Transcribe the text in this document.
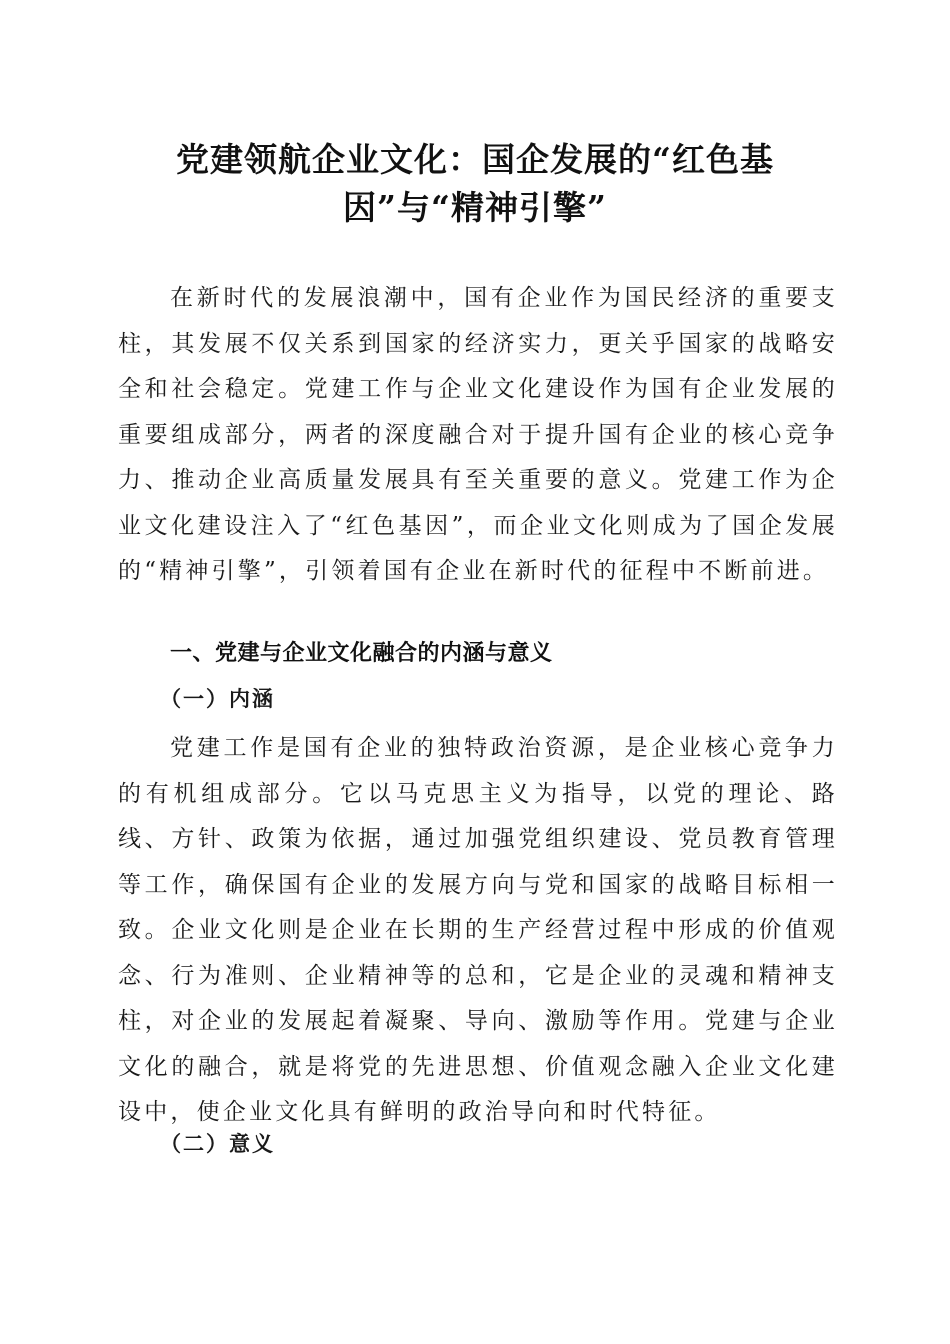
党建领航企业文化：国企发展的“红色基
因”与“精神引擎”

在新时代的发展浪潮中，国有企业作为国民经济的重要支柱，其发展不仅关系到国家的经济实力，更关乎国家的战略安全和社会稳定。党建工作与企业文化建设作为国有企业发展的重要组成部分，两者的深度融合对于提升国有企业的核心竞争力、推动企业高质量发展具有至关重要的意义。党建工作为企业文化建设注入了“红色基因”，而企业文化则成为了国企发展的“精神引擎”，引领着国有企业在新时代的征程中不断前进。

一、党建与企业文化融合的内涵与意义
（一）内涵

党建工作是国有企业的独特政治资源，是企业核心竞争力的有机组成部分。它以马克思主义为指导，以党的理论、路线、方针、政策为依据，通过加强党组织建设、党员教育管理等工作，确保国有企业的发展方向与党和国家的战略目标相一致。企业文化则是企业在长期的生产经营过程中形成的价值观念、行为准则、企业精神等的总和，它是企业的灵魂和精神支柱，对企业的发展起着凝聚、导向、激励等作用。党建与企业文化的融合，就是将党的先进思想、价值观念融入企业文化建设中，使企业文化具有鲜明的政治导向和时代特征。

（二）意义
